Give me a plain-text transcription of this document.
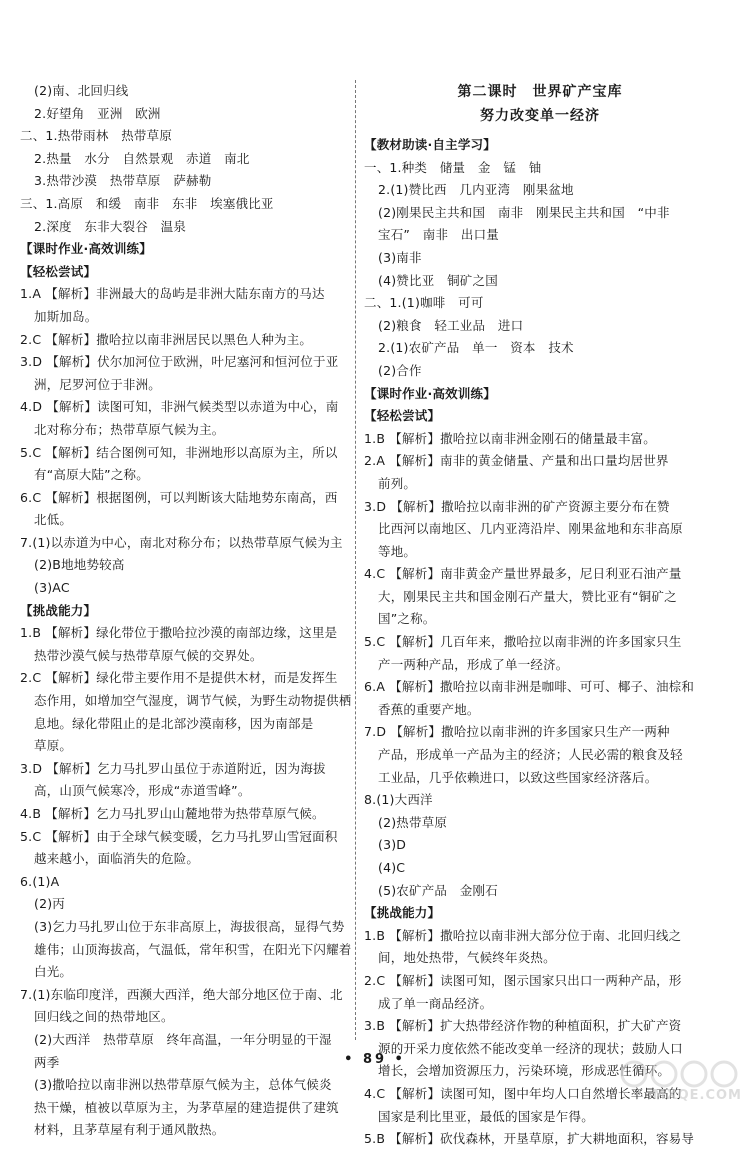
(2)南、北回归线
2.好望角　亚洲　欧洲
二、1.热带雨林　热带草原
2.热量　水分　自然景观　赤道　南北
3.热带沙漠　热带草原　萨赫勒
三、1.高原　和缓　南非　东非　埃塞俄比亚
2.深度　东非大裂谷　温泉
【课时作业·高效训练】
【轻松尝试】
1.A 【解析】非洲最大的岛屿是非洲大陆东南方的马达
加斯加岛。
2.C 【解析】撒哈拉以南非洲居民以黑色人种为主。
3.D 【解析】伏尔加河位于欧洲，叶尼塞河和恒河位于亚
洲，尼罗河位于非洲。
4.D 【解析】读图可知，非洲气候类型以赤道为中心，南
北对称分布；热带草原气候为主。
5.C 【解析】结合图例可知，非洲地形以高原为主，所以
有“高原大陆”之称。
6.C 【解析】根据图例，可以判断该大陆地势东南高，西
北低。
7.(1)以赤道为中心，南北对称分布；以热带草原气候为主
(2)B地地势较高
(3)AC
【挑战能力】
1.B 【解析】绿化带位于撒哈拉沙漠的南部边缘，这里是
热带沙漠气候与热带草原气候的交界处。
2.C 【解析】绿化带主要作用不是提供木材，而是发挥生
态作用，如增加空气湿度，调节气候，为野生动物提供栖
息地。绿化带阻止的是北部沙漠南移，因为南部是
草原。
3.D 【解析】乞力马扎罗山虽位于赤道附近，因为海拔
高，山顶气候寒冷，形成“赤道雪峰”。
4.B 【解析】乞力马扎罗山山麓地带为热带草原气候。
5.C 【解析】由于全球气候变暖，乞力马扎罗山雪冠面积
越来越小，面临消失的危险。
6.(1)A
(2)丙
(3)乞力马扎罗山位于东非高原上，海拔很高，显得气势
雄伟；山顶海拔高，气温低，常年积雪，在阳光下闪耀着
白光。
7.(1)东临印度洋，西濒大西洋，绝大部分地区位于南、北
回归线之间的热带地区。
(2)大西洋　热带草原　终年高温，一年分明显的干湿
两季
(3)撒哈拉以南非洲以热带草原气候为主，总体气候炎
热干燥，植被以草原为主，为茅草屋的建造提供了建筑
材料，且茅草屋有利于通风散热。
第二课时　世界矿产宝库
努力改变单一经济
【教材助读·自主学习】
一、1.种类　储量　金　锰　铀
2.(1)赞比西　几内亚湾　刚果盆地
(2)刚果民主共和国　南非　刚果民主共和国　“中非
宝石”　南非　出口量
(3)南非
(4)赞比亚　铜矿之国
二、1.(1)咖啡　可可
(2)粮食　轻工业品　进口
2.(1)农矿产品　单一　资本　技术
(2)合作
【课时作业·高效训练】
【轻松尝试】
1.B 【解析】撒哈拉以南非洲金刚石的储量最丰富。
2.A 【解析】南非的黄金储量、产量和出口量均居世界
前列。
3.D 【解析】撒哈拉以南非洲的矿产资源主要分布在赞
比西河以南地区、几内亚湾沿岸、刚果盆地和东非高原
等地。
4.C 【解析】南非黄金产量世界最多，尼日利亚石油产量
大，刚果民主共和国金刚石产量大，赞比亚有“铜矿之
国”之称。
5.C 【解析】几百年来，撒哈拉以南非洲的许多国家只生
产一两种产品，形成了单一经济。
6.A 【解析】撒哈拉以南非洲是咖啡、可可、椰子、油棕和
香蕉的重要产地。
7.D 【解析】撒哈拉以南非洲的许多国家只生产一两种
产品，形成单一产品为主的经济；人民必需的粮食及轻
工业品，几乎依赖进口，以致这些国家经济落后。
8.(1)大西洋
(2)热带草原
(3)D
(4)C
(5)农矿产品　金刚石
【挑战能力】
1.B 【解析】撒哈拉以南非洲大部分位于南、北回归线之
间，地处热带，气候终年炎热。
2.C 【解析】读图可知，图示国家只出口一两种产品，形
成了单一商品经济。
3.B 【解析】扩大热带经济作物的种植面积，扩大矿产资
源的开采力度依然不能改变单一经济的现状；鼓励人口
增长，会增加资源压力，污染环境，形成恶性循环。
4.C 【解析】读图可知，图中年均人口自然增长率最高的
国家是利比里亚，最低的国家是乍得。
5.B 【解析】砍伐森林，开垦草原，扩大耕地面积，容易导
• 89 •
MXQE.COM
